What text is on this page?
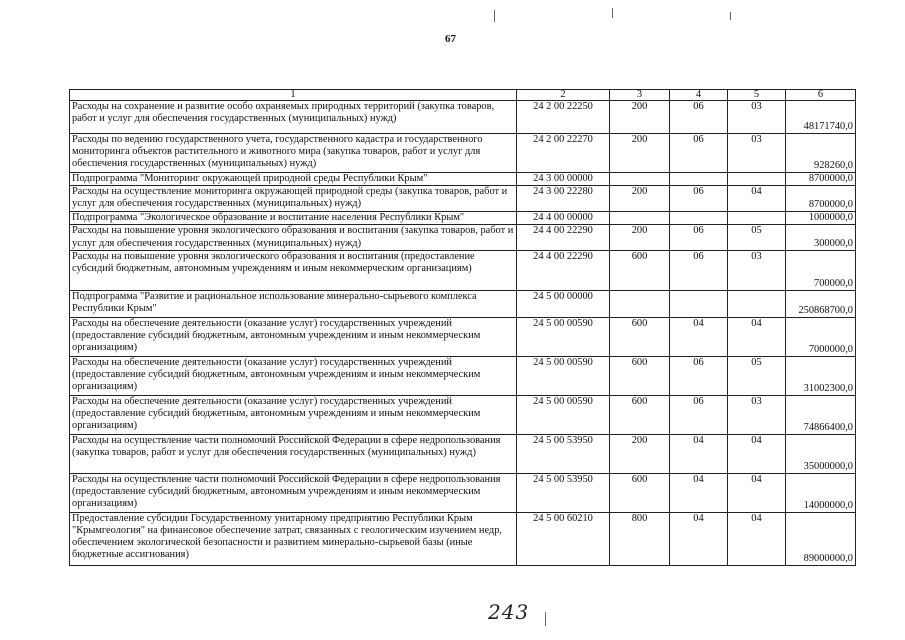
67
1	2	3	4	5	6
Расходы на сохранение и развитие особо охраняемых природных территорий (закупка товаров, работ и услуг для обеспечения государственных (муниципальных) нужд)	24 2 00 22250	200	06	03	48171740,0
Расходы по ведению государственного учета, государственного кадастра и государственного мониторинга объектов растительного и животного мира (закупка товаров, работ и услуг для обеспечения государственных (муниципальных) нужд)	24 2 00 22270	200	06	03	928260,0
Подпрограмма "Мониторинг окружающей природной среды Республики Крым"	24 3 00 00000				8700000,0
Расходы на осуществление мониторинга окружающей природной среды (закупка товаров, работ и услуг для обеспечения государственных (муниципальных) нужд)	24 3 00 22280	200	06	04	8700000,0
Подпрограмма "Экологическое образование и воспитание населения Республики Крым"	24 4 00 00000				1000000,0
Расходы на повышение уровня экологического образования и воспитания (закупка товаров, работ и услуг для обеспечения государственных (муниципальных) нужд)	24 4 00 22290	200	06	05	300000,0
Расходы на повышение уровня экологического образования и воспитания (предоставление субсидий бюджетным, автономным учреждениям и иным некоммерческим организациям)	24 4 00 22290	600	06	03	700000,0
Подпрограмма "Развитие и рациональное использование минерально-сырьевого комплекса Республики Крым"	24 5 00 00000				250868700,0
Расходы на обеспечение деятельности (оказание услуг) государственных учреждений (предоставление субсидий бюджетным, автономным учреждениям и иным некоммерческим организациям)	24 5 00 00590	600	04	04	7000000,0
Расходы на обеспечение деятельности (оказание услуг) государственных учреждений (предоставление субсидий бюджетным, автономным учреждениям и иным некоммерческим организациям)	24 5 00 00590	600	06	05	31002300,0
Расходы на обеспечение деятельности (оказание услуг) государственных учреждений (предоставление субсидий бюджетным, автономным учреждениям и иным некоммерческим организациям)	24 5 00 00590	600	06	03	74866400,0
Расходы на осуществление части полномочий Российской Федерации в сфере недропользования (закупка товаров, работ и услуг для обеспечения государственных (муниципальных) нужд)	24 5 00 53950	200	04	04	35000000,0
Расходы на осуществление части полномочий Российской Федерации в сфере недропользования (предоставление субсидий бюджетным, автономным учреждениям и иным некоммерческим организациям)	24 5 00 53950	600	04	04	14000000,0
Предоставление субсидии Государственному унитарному предприятию Республики Крым "Крымгеология" на финансовое обеспечение затрат, связанных с геологическим изучением недр, обеспечением экологической безопасности и развитием минерально-сырьевой базы (иные бюджетные ассигнования)	24 5 00 60210	800	04	04	89000000,0
243
